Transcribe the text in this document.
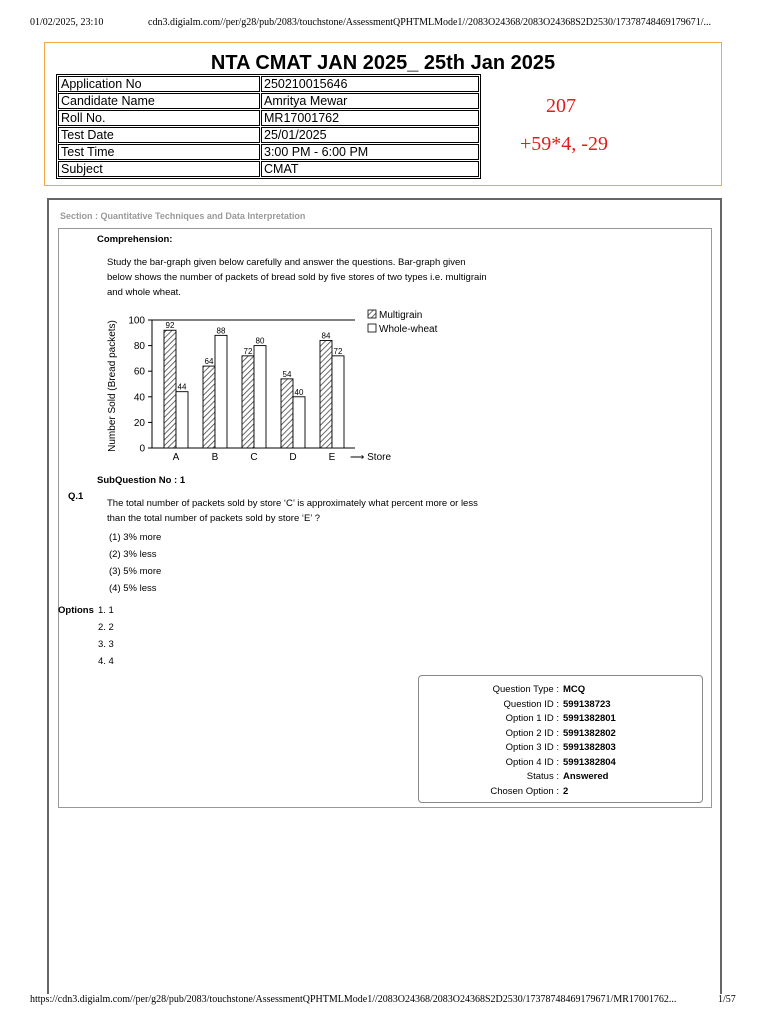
01/02/2025, 23:10	cdn3.digialm.com//per/g28/pub/2083/touchstone/AssessmentQPHTMLMode1//2083O24368/2083O24368S2D2530/17378748469179671/...
NTA CMAT JAN 2025_ 25th Jan 2025
Application No	250210015646
Candidate Name	Amritya Mewar
Roll No.	MR17001762
Test Date	25/01/2025
Test Time	3:00 PM - 6:00 PM
Subject	CMAT
207
+59*4, -29
Section : Quantitative Techniques and Data Interpretation
Comprehension:
Study the bar-graph given below carefully and answer the questions. Bar-graph given
below shows the number of packets of bread sold by five stores of two types i.e. multigrain
and whole wheat.
0
20
40
60
80
100	92
44
A
64
88
B
72
80
C
54
40
D
84
72
E
Number Sold (Bread packets)
⟶ Store
Multigrain
Whole-wheat
SubQuestion No : 1
Q.1
The total number of packets sold by store ‘C’ is approximately what percent more or less
than the total number of packets sold by store ‘E’ ?
(1) 3% more
(2) 3% less
(3) 5% more
(4) 5% less
Options 1. 1
2. 2
3. 3
4. 4
Question Type : MCQ
Question ID : 599138723
Option 1 ID : 5991382801
Option 2 ID : 5991382802
Option 3 ID : 5991382803
Option 4 ID : 5991382804
Status : Answered
Chosen Option : 2
https://cdn3.digialm.com//per/g28/pub/2083/touchstone/AssessmentQPHTMLMode1//2083O24368/2083O24368S2D2530/17378748469179671/MR17001762...	1/57
